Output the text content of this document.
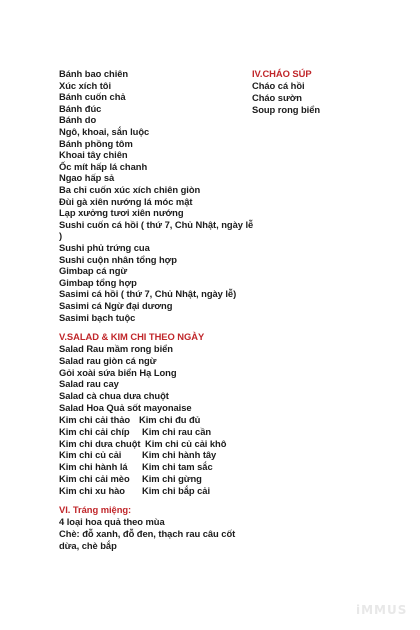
Bánh bao chiên
Xúc xích tôi
Bánh cuốn chả
Bánh đúc
Bánh do
Ngô, khoai, sắn luộc
Bánh phồng tôm
Khoai tây chiên
Ốc mít hấp lá chanh
Ngao hấp sả
Ba chỉ cuốn xúc xích chiên giòn
Đùi gà xiên nướng lá móc mật
Lạp xưởng tươi xiên nướng
Sushi cuốn cá hồi ( thứ 7, Chủ Nhật, ngày lễ
)
Sushi phủ trứng cua
Sushi cuộn nhân tổng hợp
Gimbap cá ngừ
Gimbap tổng hợp
Sasimi cá hồi ( thứ 7, Chủ Nhật, ngày lễ)
Sasimi cá Ngừ đại dương
Sasimi bạch tuộc
Cháo cá hồi
Cháo sườn
Soup rong biển
Salad Rau mầm rong biển
Salad rau giòn cá ngừ
Gỏi xoài sứa biển Hạ Long
Salad rau cay
Salad cà chua dưa chuột
Salad Hoa Quả sốt mayonaise
Kim chi cải thảo Kim chi đu đủ
Kim chi cải chíp Kim chi rau cần
Kim chi dưa chuột Kim chi củ cải khô
Kim chi củ cải Kim chi hành tây
Kim chi hành lá Kim chi tam sắc
Kim chi cải mèo Kim chi gừng
Kim chi xu hào Kim chi bắp cải
4 loại hoa quả theo mùa
Chè: đỗ xanh, đỗ đen, thạch rau câu cốt
dừa, chè bắp
IV.CHÁO SÚP
V.SALAD & KIM CHI THEO NGÀY
VI. Tráng miệng:
iMMUS
